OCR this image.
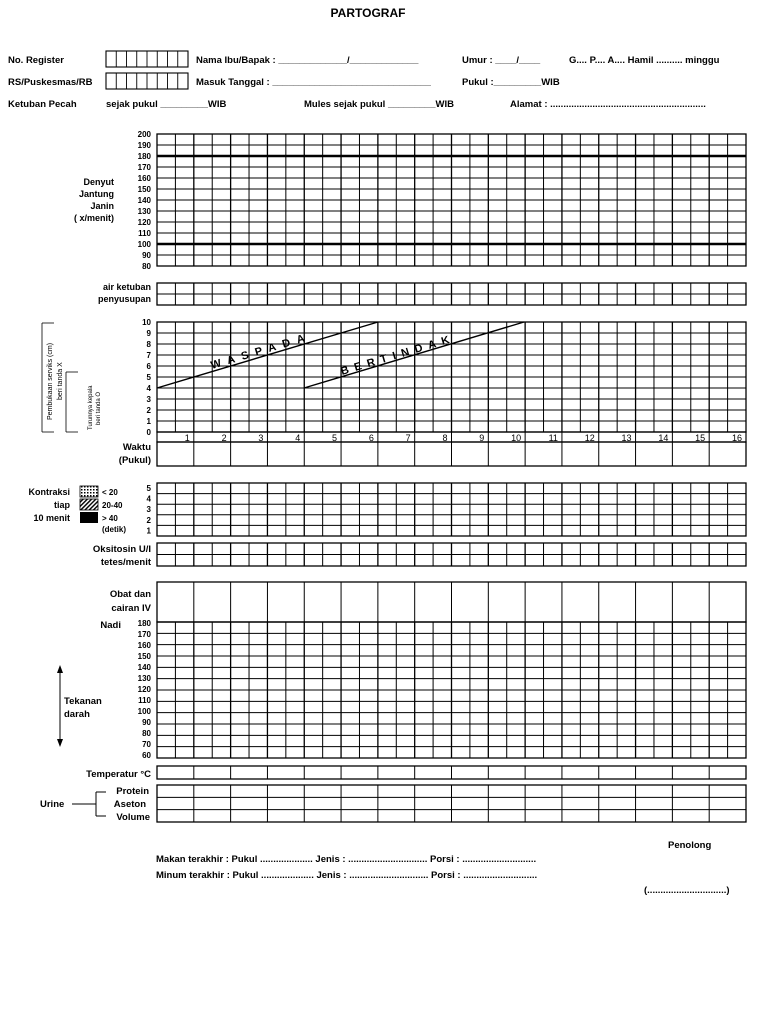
PARTOGRAF
No. Register	Nama Ibu/Bapak : _____________/_____________	Umur : ____/____	G.... P.... A.... Hamil .......... minggu
RS/Puskesmas/RB	Masuk Tanggal : ______________________________	Pukul :_________WIB
Ketuban Pecah	sejak pukul _________WIB	Mules sejak pukul _________WIB	Alamat : ...........................................................
Denyut
Jantung
Janin
( x/menit)
200
190
180
170
160
150
140
130
120
110
100
90
80
air ketuban
penyusupan
Pembukaan serviks (cm) beri tanda X
Turunnya kepala beri tanda O
10
9
8
7
6
5
4
3
2
1
0
WASPADA BERTINDAK
1	2	3	4	5	6	7	8	9	10	11	12	13	14	15	16
Waktu
(Pukul)
Kontraksi
tiap
10 menit
< 20
20-40
> 40
(detik)
5
4
3
2
1
Oksitosin U/I
tetes/menit
Obat dan
cairan IV
Nadi
Tekanan
darah
180
170
160
150
140
130
120
110
100
90
80
70
60
Temperatur °C
Urine
Protein
Aseton
Volume
Penolong
Makan terakhir : Pukul .................... Jenis : .............................. Porsi : ............................
Minum terakhir : Pukul .................... Jenis : .............................. Porsi : ............................
(..............................)
